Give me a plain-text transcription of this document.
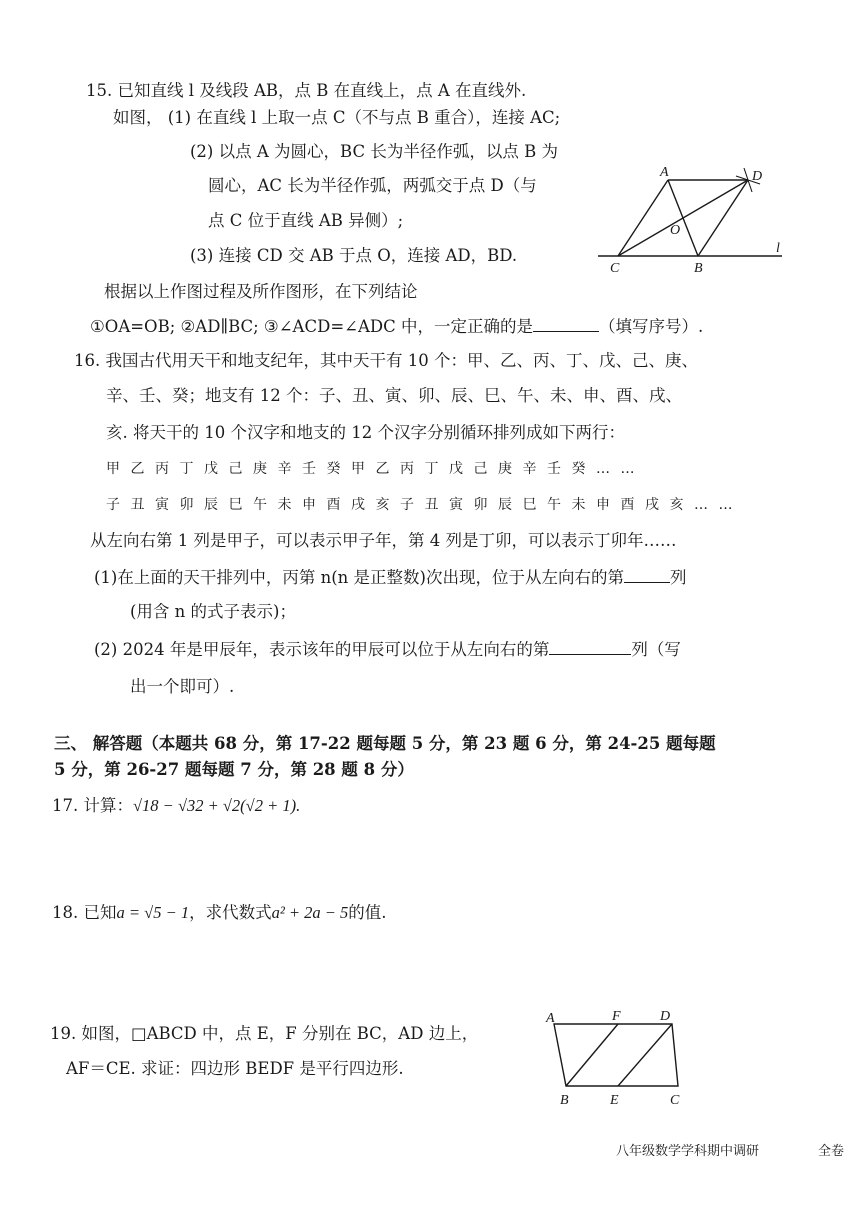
15. 已知直线 l 及线段 AB，点 B 在直线上，点 A 在直线外.
如图， (1) 在直线 l 上取一点 C（不与点 B 重合），连接 AC;
(2) 以点 A 为圆心，BC 长为半径作弧，以点 B 为
圆心，AC 长为半径作弧，两弧交于点 D（与
点 C 位于直线 AB 异侧）;
(3) 连接 CD 交 AB 于点 O，连接 AD，BD.
根据以上作图过程及所作图形，在下列结论
①OA=OB; ②AD∥BC; ③∠ACD=∠ADC 中，一定正确的是	（填写序号）.
A	D
O
C	B
l
16. 我国古代用天干和地支纪年，其中天干有 10 个：甲、乙、丙、丁、戊、己、庚、
辛、壬、癸；地支有 12 个：子、丑、寅、卯、辰、巳、午、未、申、酉、戌、
亥. 将天干的 10 个汉字和地支的 12 个汉字分别循环排列成如下两行：
甲乙丙丁戊己庚辛壬癸甲乙丙丁戊己庚辛壬癸……
子丑寅卯辰巳午未申酉戌亥子丑寅卯辰巳午未申酉戌亥……
从左向右第 1 列是甲子，可以表示甲子年，第 4 列是丁卯，可以表示丁卯年……
(1)在上面的天干排列中，丙第 n(n 是正整数)次出现，位于从左向右的第	列
(用含 n 的式子表示)；
(2) 2024 年是甲辰年，表示该年的甲辰可以位于从左向右的第	列（写
出一个即可）.
三、 解答题（本题共 68 分，第 17-22 题每题 5 分，第 23 题 6 分，第 24-25 题每题
5 分，第 26-27 题每题 7 分，第 28 题 8 分）
17. 计算：√18 − √32 + √2(√2 + 1).
18. 已知a = √5 − 1，求代数式a² + 2a − 5的值.
19. 如图，□ABCD 中，点 E，F 分别在 BC，AD 边上，
AF＝CE. 求证：四边形 BEDF 是平行四边形.
A	F	D
B	E	C
八年级数学学科期中调研	全卷
